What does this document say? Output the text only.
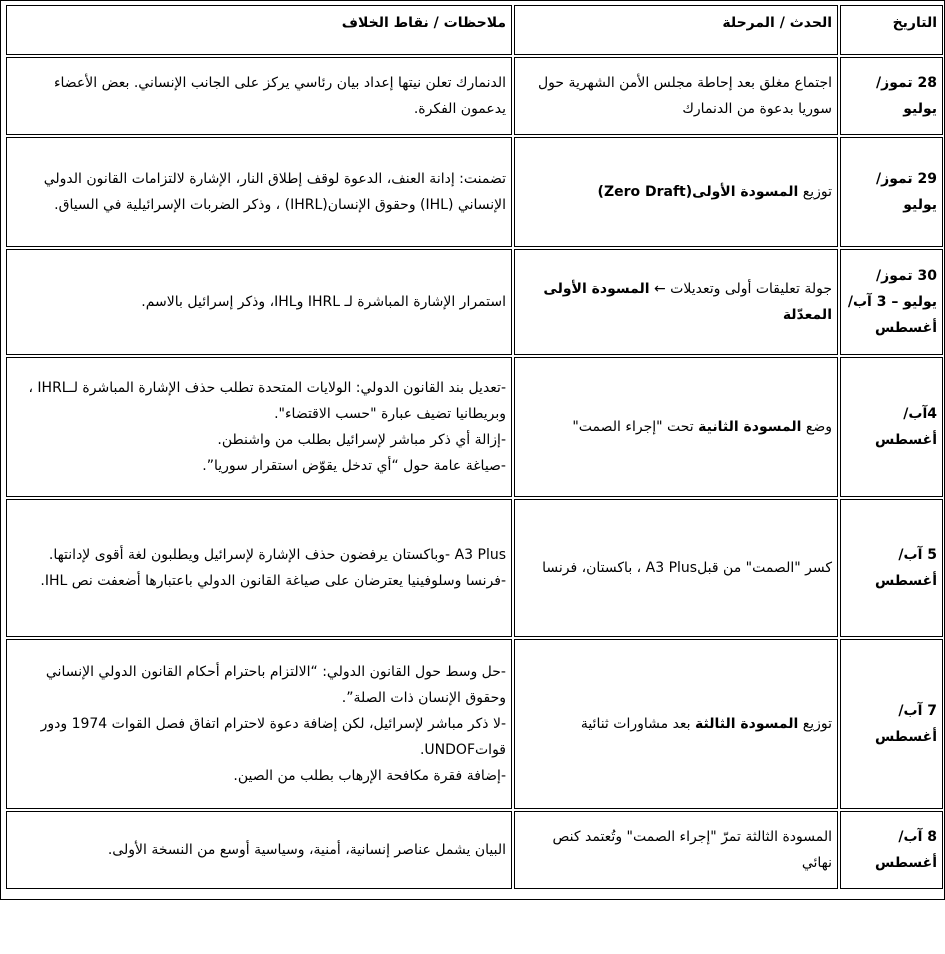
التاريخ	الحدث / المرحلة	ملاحظات / نقاط الخلاف
28 تموز/يوليو	اجتماع مغلق بعد إحاطة مجلس الأمن الشهرية حول سوريا بدعوة من الدنمارك	الدنمارك تعلن نيتها إعداد بيان رئاسي يركز على الجانب الإنساني. بعض الأعضاء يدعمون الفكرة.

29 تموز/يوليو	توزيع المسودة الأولى(Zero Draft)	تضمنت: إدانة العنف، الدعوة لوقف إطلاق النار، الإشارة لالتزامات القانون الدولي الإنساني (IHL) وحقوق الإنسان(IHRL) ، وذكر الضربات الإسرائيلية في السياق.

30 تموز/يوليو – 3 آب/أغسطس	جولة تعليقات أولى وتعديلات ← المسودة الأولى المعدّلة	استمرار الإشارة المباشرة لـ IHRL وIHL، وذكر إسرائيل بالاسم.

4آب/أغسطس	وضع المسودة الثانية تحت "إجراء الصمت"	-تعديل بند القانون الدولي: الولايات المتحدة تطلب حذف الإشارة المباشرة لـIHRL ، وبريطانيا تضيف عبارة "حسب الاقتضاء".
-إزالة أي ذكر مباشر لإسرائيل بطلب من واشنطن.
-صياغة عامة حول “أي تدخل يقوّض استقرار سوريا”.

5 آب/أغسطس	كسر "الصمت" من قبلA3 Plus ، باكستان، فرنسا	A3 Plus -وباكستان يرفضون حذف الإشارة لإسرائيل ويطلبون لغة أقوى لإدانتها.
-فرنسا وسلوفينيا يعترضان على صياغة القانون الدولي باعتبارها أضعفت نص IHL.

7 آب/أغسطس	توزيع المسودة الثالثة بعد مشاورات ثنائية	-حل وسط حول القانون الدولي: “الالتزام باحترام أحكام القانون الدولي الإنساني وحقوق الإنسان ذات الصلة”.
-لا ذكر مباشر لإسرائيل، لكن إضافة دعوة لاحترام اتفاق فصل القوات 1974 ودور قواتUNDOF.
-إضافة فقرة مكافحة الإرهاب بطلب من الصين.

8 آب/أغسطس	المسودة الثالثة تمرّ "إجراء الصمت" وتُعتمد كنص نهائي	البيان يشمل عناصر إنسانية، أمنية، وسياسية أوسع من النسخة الأولى.
